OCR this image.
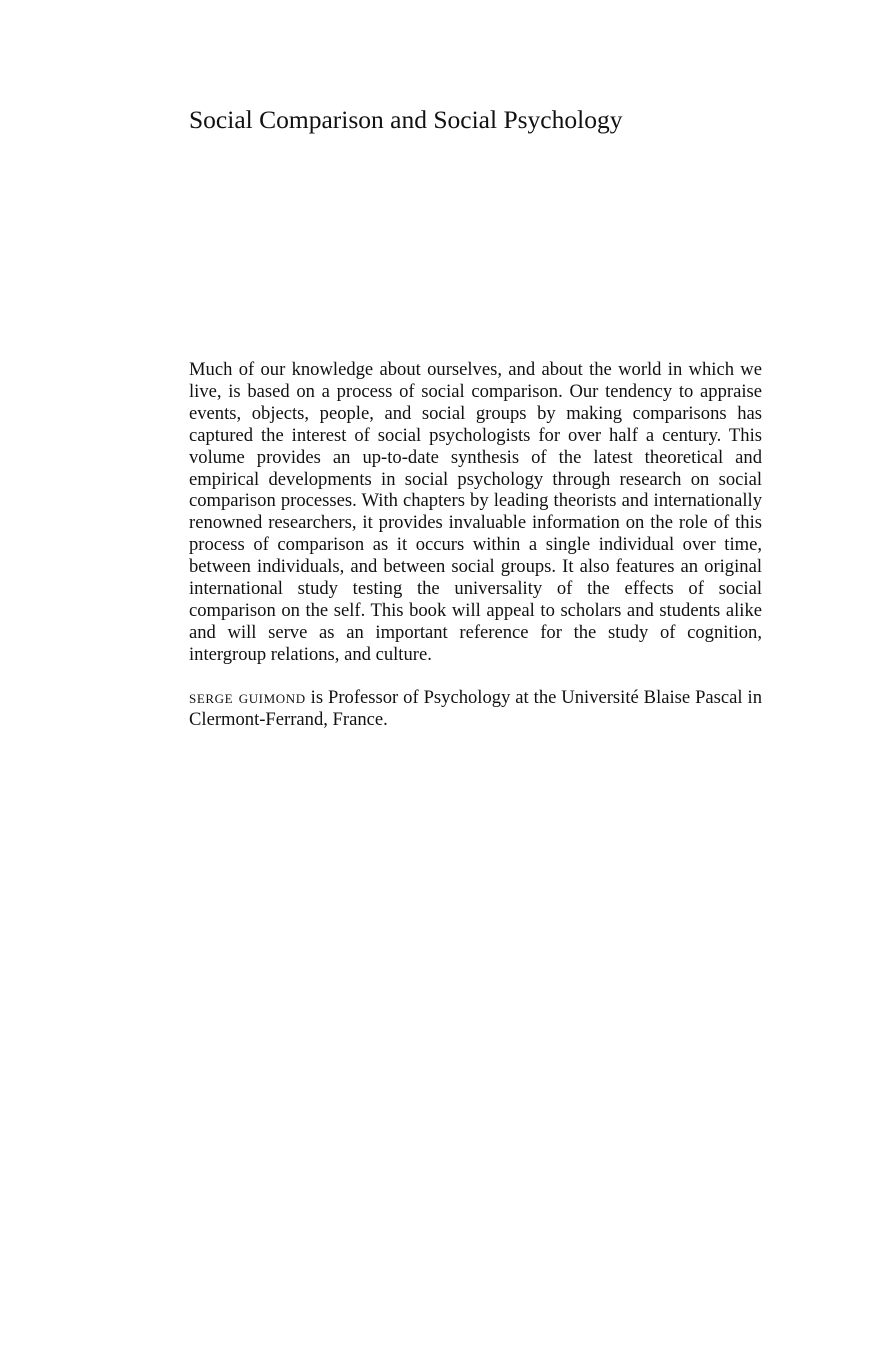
Social Comparison and Social Psychology

Much of our knowledge about ourselves, and about the world in which we live, is based on a process of social comparison. Our tendency to appraise events, objects, people, and social groups by making comparisons has captured the interest of social psychologists for over half a century. This volume provides an up-to-date synthesis of the latest theoretical and empirical developments in social psychology through research on social comparison processes. With chapters by leading theorists and internationally renowned researchers, it provides invaluable information on the role of this process of comparison as it occurs within a single individual over time, between individuals, and between social groups. It also features an original international study testing the universality of the effects of social comparison on the self. This book will appeal to scholars and students alike and will serve as an important reference for the study of cognition, intergroup relations, and culture.

serge guimond is Professor of Psychology at the Université Blaise Pascal in Clermont-Ferrand, France.
